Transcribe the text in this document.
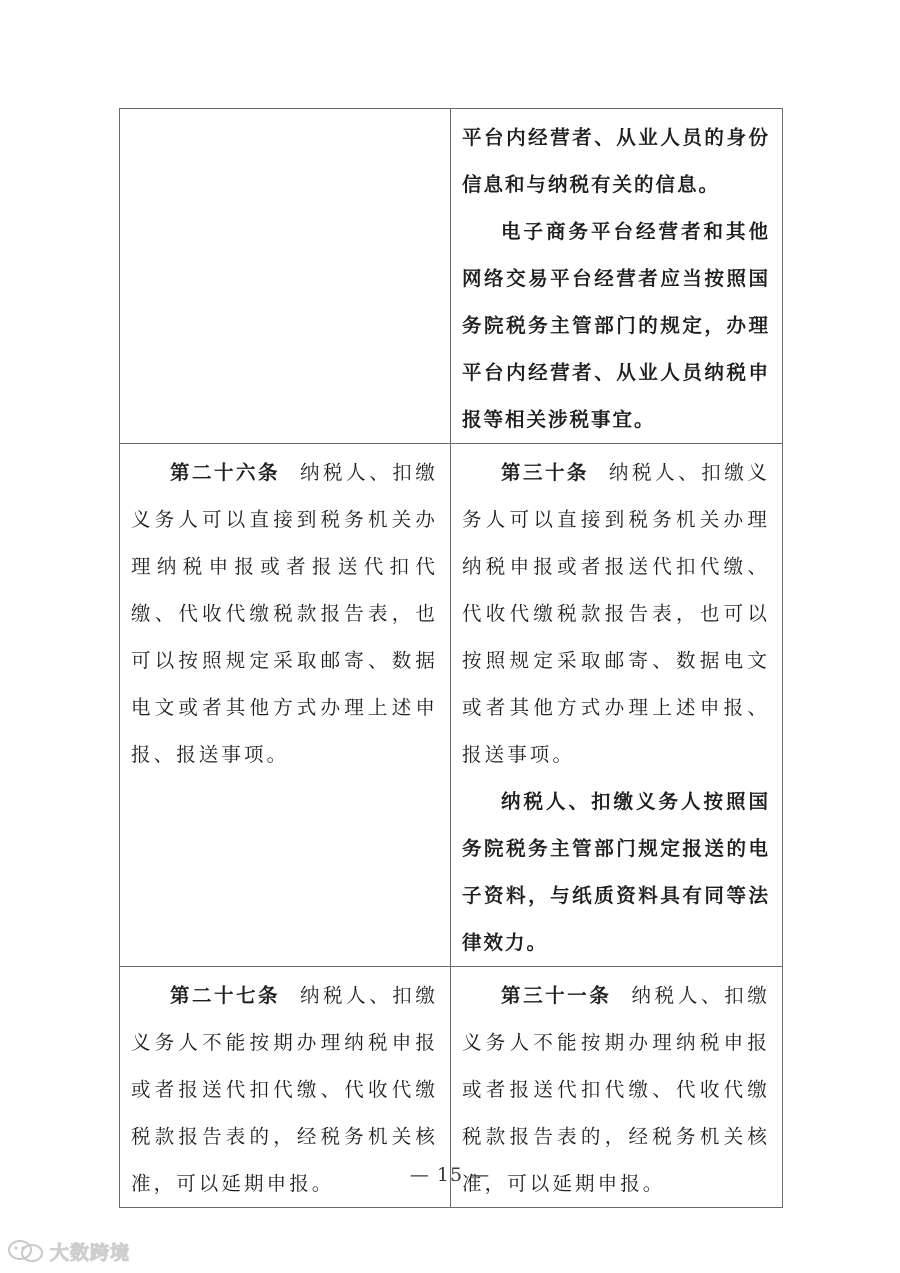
	平台内经营者、从业人员的身份信息和与纳税有关的信息。

电子商务平台经营者和其他网络交易平台经营者应当按照国务院税务主管部门的规定，办理平台内经营者、从业人员纳税申报等相关涉税事宜。

第二十六条 纳税人、扣缴义务人可以直接到税务机关办理纳税申报或者报送代扣代缴、代收代缴税款报告表，也可以按照规定采取邮寄、数据电文或者其他方式办理上述申报、报送事项。	第三十条 纳税人、扣缴义务人可以直接到税务机关办理纳税申报或者报送代扣代缴、代收代缴税款报告表，也可以按照规定采取邮寄、数据电文或者其他方式办理上述申报、报送事项。

纳税人、扣缴义务人按照国务院税务主管部门规定报送的电子资料，与纸质资料具有同等法律效力。

第二十七条 纳税人、扣缴义务人不能按期办理纳税申报或者报送代扣代缴、代收代缴税款报告表的，经税务机关核准，可以延期申报。	第三十一条 纳税人、扣缴义务人不能按期办理纳税申报或者报送代扣代缴、代收代缴税款报告表的，经税务机关核准，可以延期申报。

— 15 —
大数跨境
